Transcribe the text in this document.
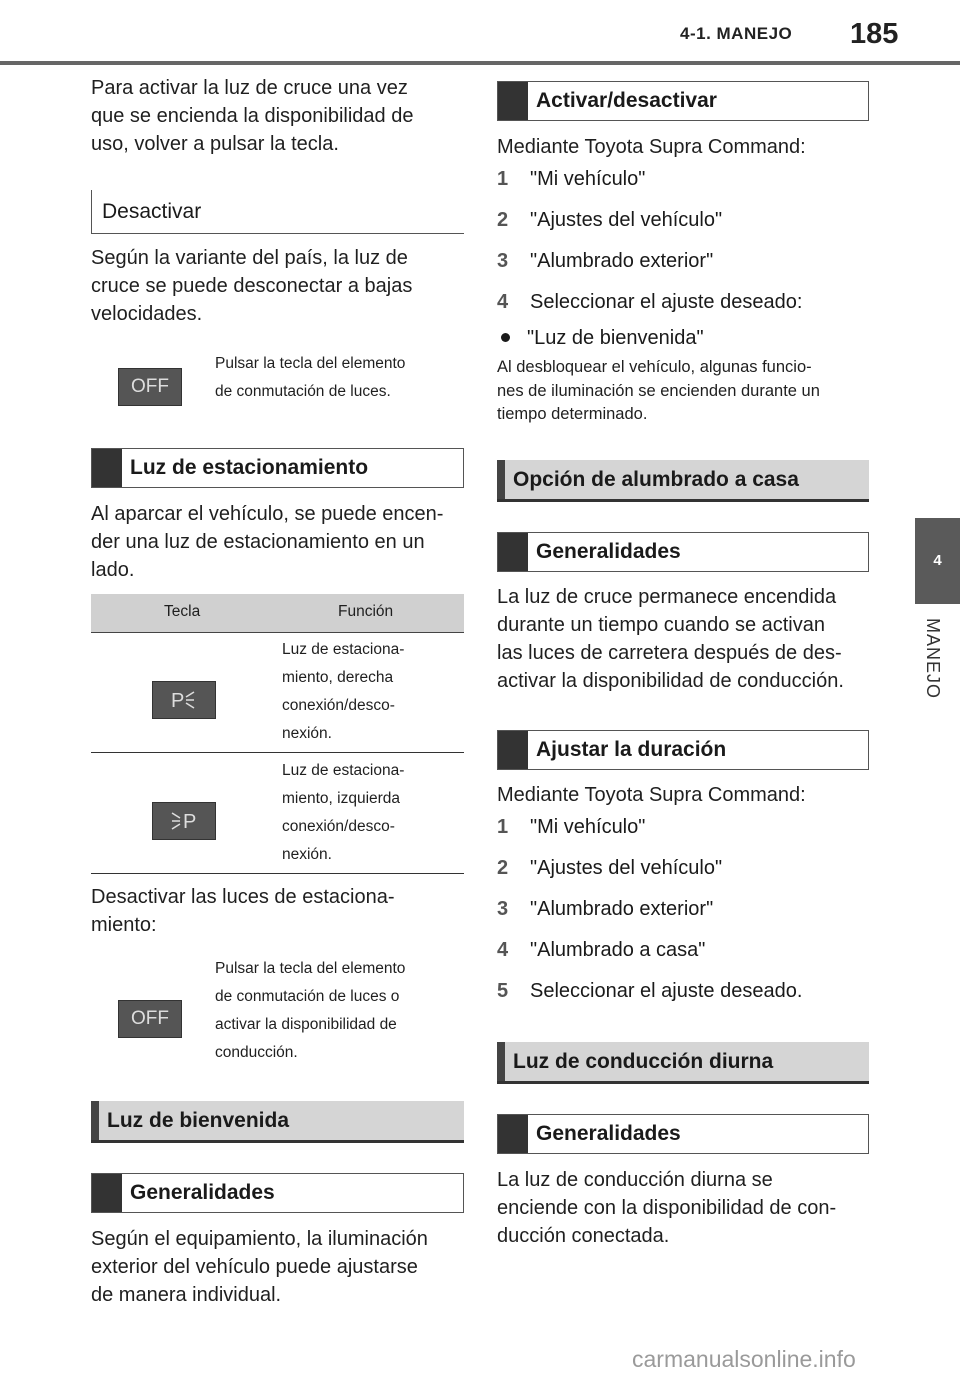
4-1. MANEJO 185
4
MANEJO
Para activar la luz de cruce una vez
que se encienda la disponibilidad de
uso, volver a pulsar la tecla.
Desactivar
Según la variante del país, la luz de
cruce se puede desconectar a bajas
velocidades.
OFF
Pulsar la tecla del elemento
de conmutación de luces.
Luz de estacionamiento
Al aparcar el vehículo, se puede encen-
der una luz de estacionamiento en un
lado.
Tecla	Función
P
Luz de estaciona-
miento, derecha
conexión/desco-
nexión.
P
Luz de estaciona-
miento, izquierda
conexión/desco-
nexión.
Desactivar las luces de estaciona-
miento:
OFF
Pulsar la tecla del elemento
de conmutación de luces o
activar la disponibilidad de
conducción.
Luz de bienvenida
Generalidades
Según el equipamiento, la iluminación
exterior del vehículo puede ajustarse
de manera individual.
Activar/desactivar
Mediante Toyota Supra Command:
1	"Mi vehículo"
2	"Ajustes del vehículo"
3	"Alumbrado exterior"
4	Seleccionar el ajuste deseado:
"Luz de bienvenida"
Al desbloquear el vehículo, algunas funcio-
nes de iluminación se encienden durante un
tiempo determinado.
Opción de alumbrado a casa
Generalidades
La luz de cruce permanece encendida
durante un tiempo cuando se activan
las luces de carretera después de des-
activar la disponibilidad de conducción.
Ajustar la duración
Mediante Toyota Supra Command:
1	"Mi vehículo"
2	"Ajustes del vehículo"
3	"Alumbrado exterior"
4	"Alumbrado a casa"
5	Seleccionar el ajuste deseado.
Luz de conducción diurna
Generalidades
La luz de conducción diurna se
enciende con la disponibilidad de con-
ducción conectada.
carmanualsonline.info
